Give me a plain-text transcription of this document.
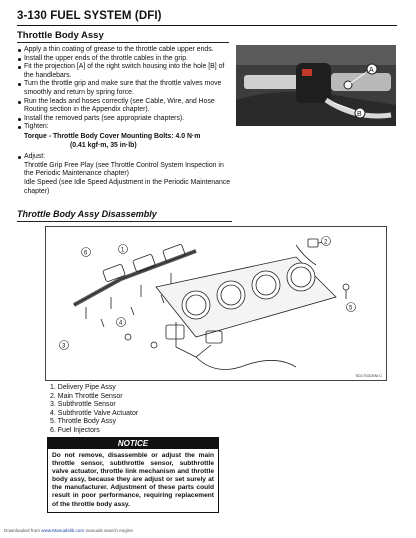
3-130 FUEL SYSTEM (DFI)
Throttle Body Assy

Apply a thin coating of grease to the throttle cable upper ends.

Install the upper ends of the throttle cables in the grip.

Fit the projection [A] of the right switch housing into the hole [B] of the handlebars.

Turn the throttle grip and make sure that the throttle valves move smoothly and return by spring force.

Run the leads and hoses correctly (see Cable, Wire, and Hose Routing section in the Appendix chapter).

Install the removed parts (see appropriate chapters).

Tighten:

Torque - Throttle Body Cover Mounting Bolts: 4.0 N·m
(0.41 kgf·m, 35 in·lb)

Adjust:

Throttle Grip Free Play (see Throttle Control System Inspection in the Periodic Maintenance chapter)
Idle Speed (see Idle Speed Adjustment in the Periodic Maintenance chapter)
A
B
Throttle Body Assy Disassembly
1
2
3
4
5
6
SD17031EM C
1. Delivery Pipe Assy
2. Main Throttle Sensor
3. Subthrottle Sensor
4. Subthrottle Valve Actuator
5. Throttle Body Assy
6. Fuel Injectors
NOTICE
Do not remove, disassemble or adjust the main throttle sensor, subthrottle sensor, subthrottle valve actuator, throttle link mechanism and throttle body assy, because they are adjust or set surely at the manufacturer. Adjustment of these parts could result in poor performance, requiring replacement of the throttle body assy.
Downloaded from www.Manualslib.com manuals search engine
